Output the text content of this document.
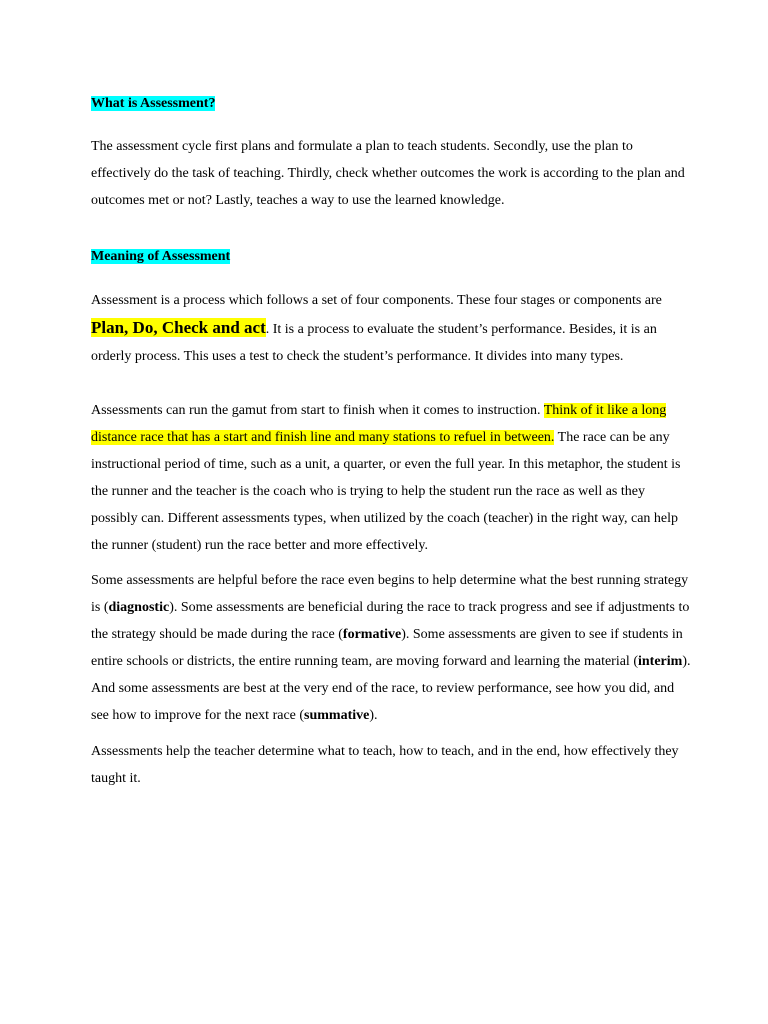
What is Assessment?

The assessment cycle first plans and formulate a plan to teach students. Secondly, use the plan to effectively do the task of teaching. Thirdly, check whether outcomes the work is according to the plan and outcomes met or not? Lastly, teaches a way to use the learned knowledge.

Meaning of Assessment

Assessment is a process which follows a set of four components. These four stages or components are Plan, Do, Check and act. It is a process to evaluate the student’s performance. Besides, it is an orderly process. This uses a test to check the student’s performance. It divides into many types.

Assessments can run the gamut from start to finish when it comes to instruction. Think of it like a long distance race that has a start and finish line and many stations to refuel in between. The race can be any instructional period of time, such as a unit, a quarter, or even the full year. In this metaphor, the student is the runner and the teacher is the coach who is trying to help the student run the race as well as they possibly can. Different assessments types, when utilized by the coach (teacher) in the right way, can help the runner (student) run the race better and more effectively.

Some assessments are helpful before the race even begins to help determine what the best running strategy is (diagnostic). Some assessments are beneficial during the race to track progress and see if adjustments to the strategy should be made during the race (formative). Some assessments are given to see if students in entire schools or districts, the entire running team, are moving forward and learning the material (interim). And some assessments are best at the very end of the race, to review performance, see how you did, and see how to improve for the next race (summative).

Assessments help the teacher determine what to teach, how to teach, and in the end, how effectively they taught it.
